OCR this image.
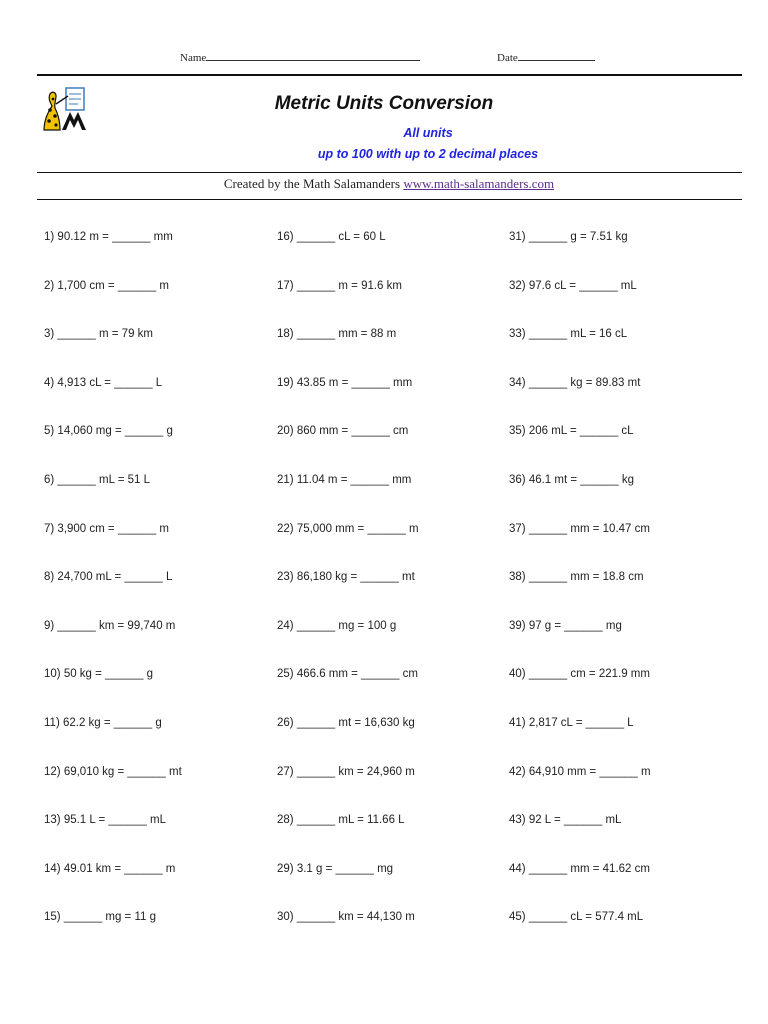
Name	Date
Metric Units Conversion
All units
up to 100 with up to 2 decimal places
Created by the Math Salamanders www.math-salamanders.com
1) 90.12 m = ______ mm
2) 1,700 cm = ______ m
3) ______ m = 79 km
4) 4,913 cL = ______ L
5) 14,060 mg = ______ g
6) ______ mL = 51 L
7) 3,900 cm = ______ m
8) 24,700 mL = ______ L
9) ______ km = 99,740 m
10) 50 kg = ______ g
11) 62.2 kg = ______ g
12) 69,010 kg = ______ mt
13) 95.1 L = ______ mL
14) 49.01 km = ______ m
15) ______ mg = 11 g
16) ______ cL = 60 L
17) ______ m = 91.6 km
18) ______ mm = 88 m
19) 43.85 m = ______ mm
20) 860 mm = ______ cm
21) 11.04 m = ______ mm
22) 75,000 mm = ______ m
23) 86,180 kg = ______ mt
24) ______ mg = 100 g
25) 466.6 mm = ______ cm
26) ______ mt = 16,630 kg
27) ______ km = 24,960 m
28) ______ mL = 11.66 L
29) 3.1 g = ______ mg
30) ______ km = 44,130 m
31) ______ g = 7.51 kg
32) 97.6 cL = ______ mL
33) ______ mL = 16 cL
34) ______ kg = 89.83 mt
35) 206 mL = ______ cL
36) 46.1 mt = ______ kg
37) ______ mm = 10.47 cm
38) ______ mm = 18.8 cm
39) 97 g = ______ mg
40) ______ cm = 221.9 mm
41) 2,817 cL = ______ L
42) 64,910 mm = ______ m
43) 92 L = ______ mL
44) ______ mm = 41.62 cm
45) ______ cL = 577.4 mL
